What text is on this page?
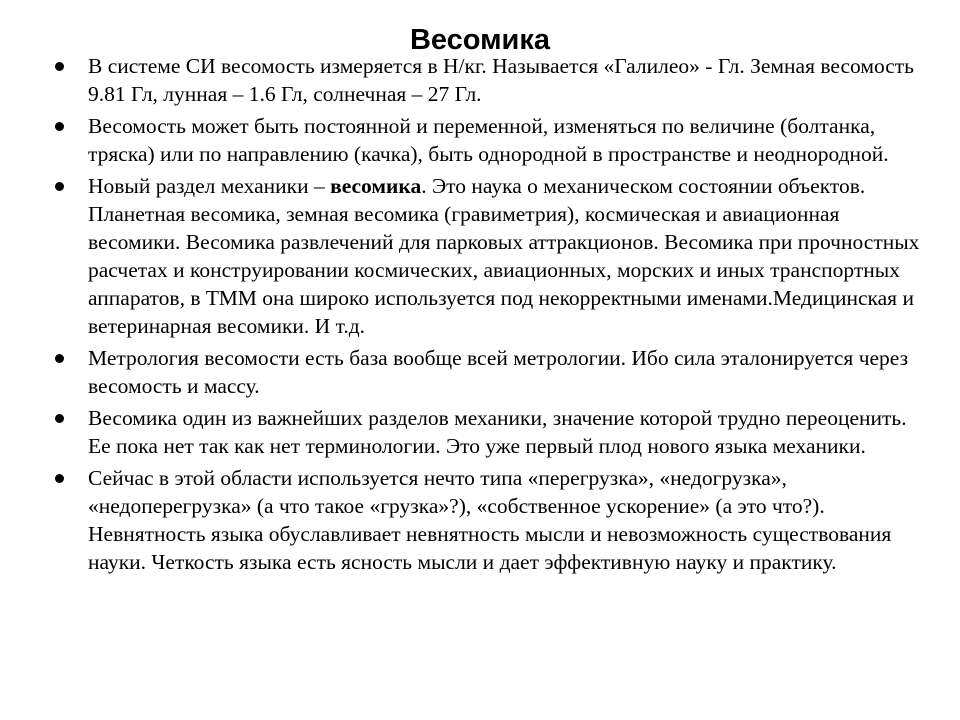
Весомика
В системе СИ весомость измеряется в Н/кг. Называется «Галилео» - Гл. Земная весомость 9.81 Гл, лунная – 1.6 Гл, солнечная – 27 Гл.
Весомость может быть постоянной и переменной, изменяться по величине (болтанка, тряска) или по направлению (качка), быть однородной в пространстве и неоднородной.
Новый раздел механики – весомика. Это наука о механическом состоянии объектов. Планетная весомика, земная весомика (гравиметрия), космическая и авиационная весомики. Весомика развлечений для парковых аттракционов. Весомика при прочностных расчетах и конструировании космических, авиационных, морских и иных транспортных аппаратов, в ТММ она широко используется под некорректными именами.Медицинская и ветеринарная весомики. И т.д.
Метрология весомости есть база вообще всей метрологии. Ибо сила эталонируется через весомость и массу.
Весомика один из важнейших разделов механики, значение которой трудно переоценить. Ее пока нет так как нет терминологии. Это уже первый плод нового языка механики.
Сейчас в этой области используется нечто типа «перегрузка», «недогрузка», «недоперегрузка» (а что такое «грузка»?), «собственное ускорение» (а это что?). Невнятность языка обуславливает невнятность мысли и невозможность существования науки. Четкость языка есть ясность мысли и дает эффективную науку и практику.
